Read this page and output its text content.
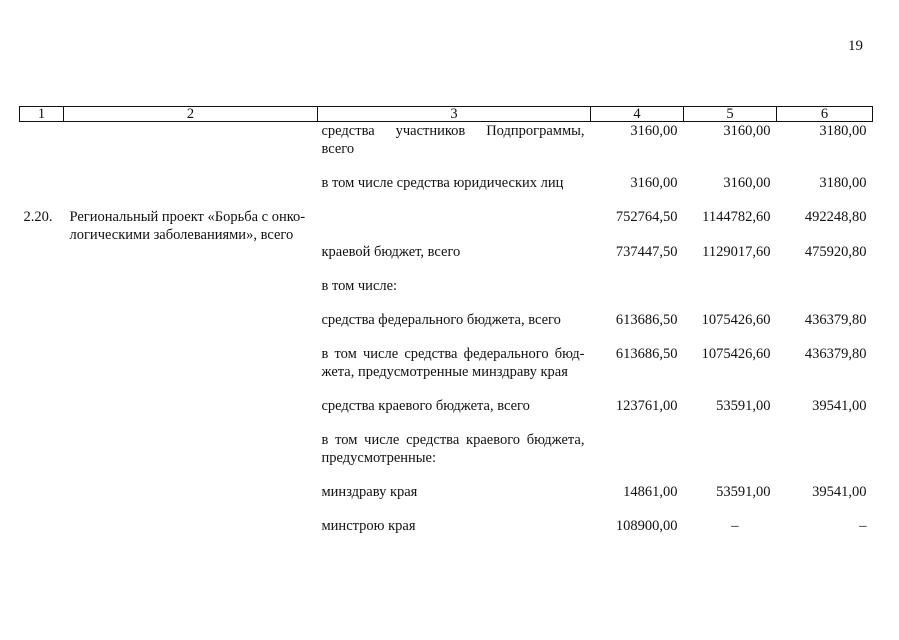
19
1	2	3	4	5	6
		средства участников Подпрограммы, всего	3160,00	3160,00	3180,00

		в том числе средства юридических лиц	3160,00	3160,00	3180,00

2.20.	Региональный проект «Борьба с онко-логическими заболеваниями», всего		752764,50	1144782,60	492248,80
		краевой бюджет, всего	737447,50	1129017,60	475920,80

		в том числе:			

		средства федерального бюджета, всего	613686,50	1075426,60	436379,80

		в том числе средства федерального бюд-жета, предусмотренные минздраву края	613686,50	1075426,60	436379,80

		средства краевого бюджета, всего	123761,00	53591,00	39541,00

		в том числе средства краевого бюджета, предусмотренные:			

		минздраву края	14861,00	53591,00	39541,00

		минстрою края	108900,00	–	–
